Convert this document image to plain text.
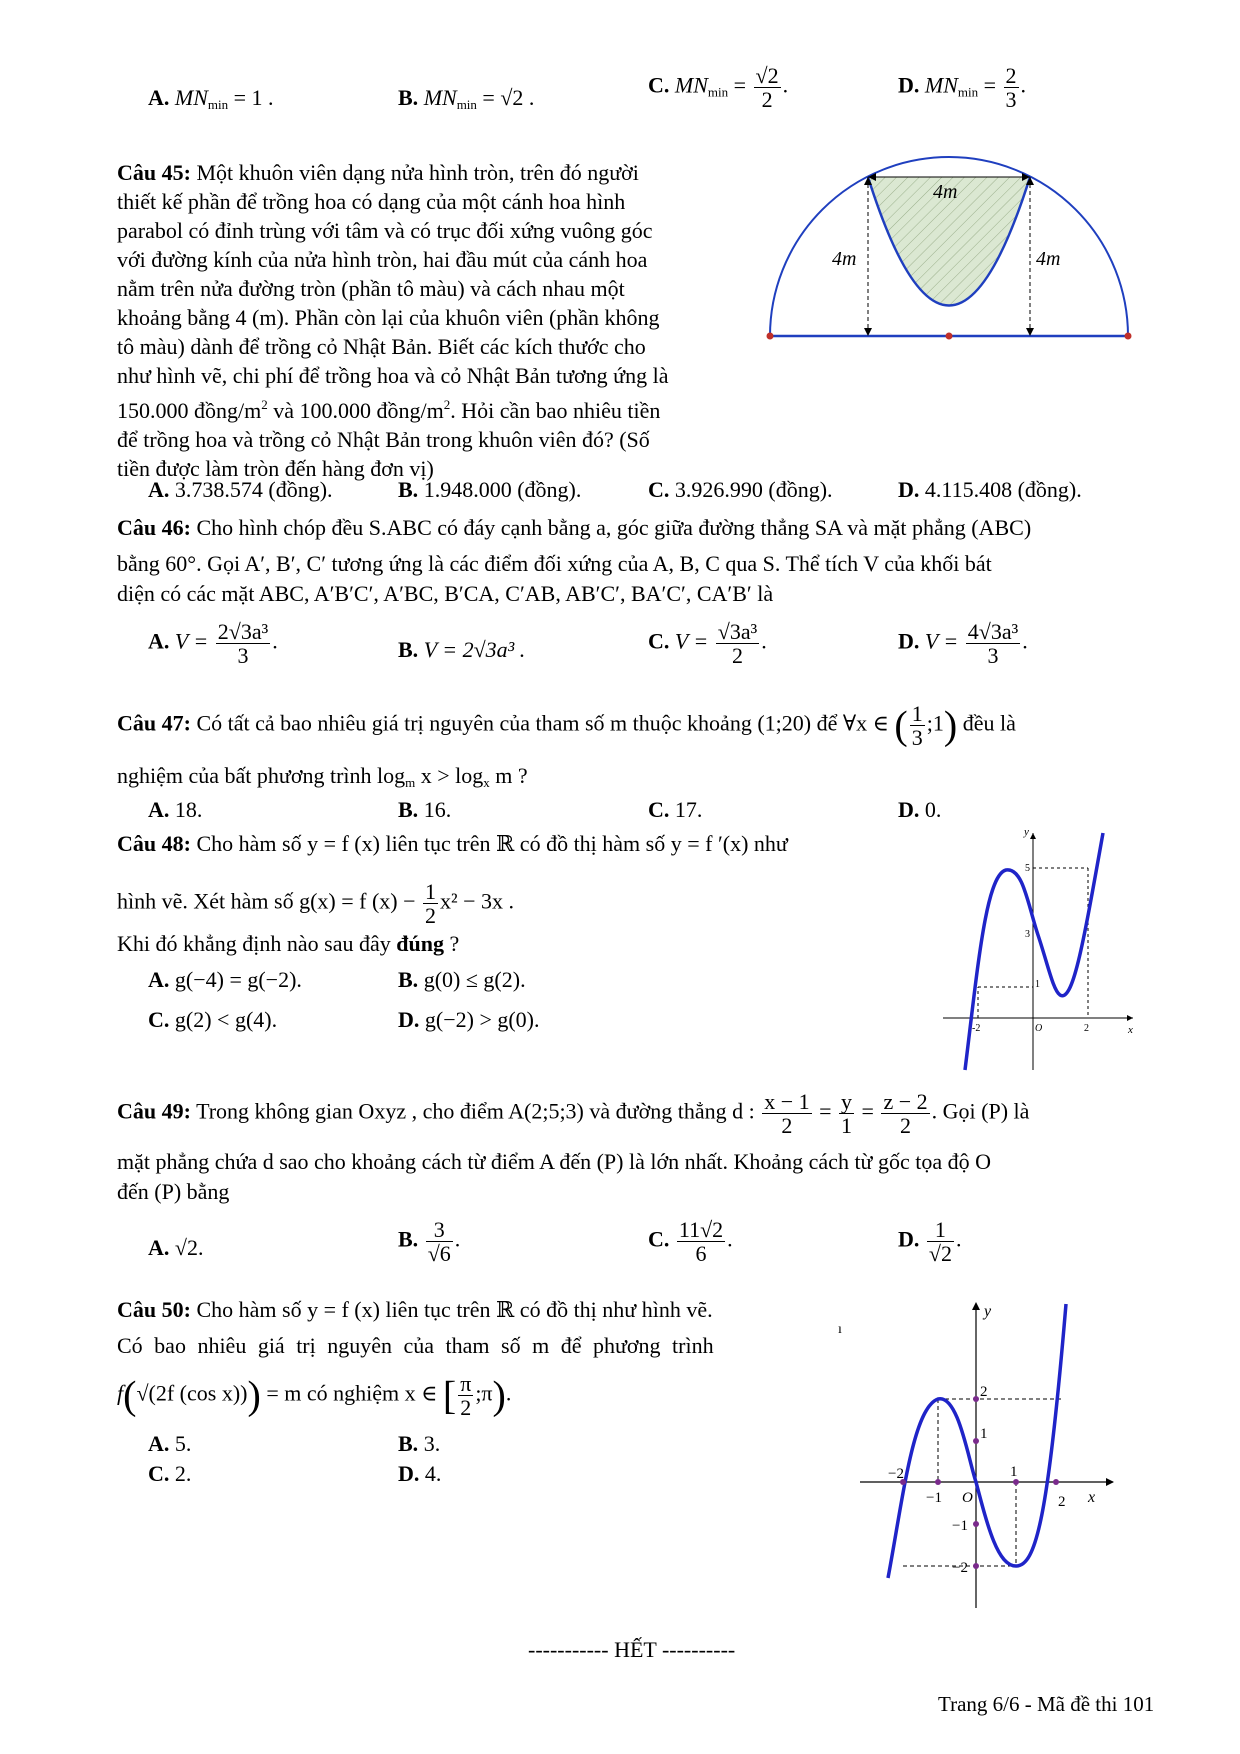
A. $MN_{min} = 1$ .	B. $MN_{min} = √2$ .	C. $MN_{min} = \frac{√2}{2}$ .	D. $MN_{min} = \frac{2}{3}$ .
Câu 45: Một khuôn viên dạng nửa hình tròn, trên đó người
thiết kế phần để trồng hoa có dạng của một cánh hoa hình
parabol có đỉnh trùng với tâm và có trục đối xứng vuông góc
với đường kính của nửa hình tròn, hai đầu mút của cánh hoa
nằm trên nửa đường tròn (phần tô màu) và cách nhau một
khoảng bằng 4 (m). Phần còn lại của khuôn viên (phần không
tô màu) dành để trồng cỏ Nhật Bản. Biết các kích thước cho
như hình vẽ, chi phí để trồng hoa và cỏ Nhật Bản tương ứng là
150.000 đồng/$m^2$ và 100.000 đồng/$m^2$. Hỏi cần bao nhiêu tiền
để trồng hoa và trồng cỏ Nhật Bản trong khuôn viên đó? (Số
tiền được làm tròn đến hàng đơn vị)
4m
4m	4m
A. 3.738.574 (đồng).	B. 1.948.000 (đồng).	C. 3.926.990 (đồng).	D. 4.115.408 (đồng).
Câu 46: Cho hình chóp đều S.ABC có đáy cạnh bằng a, góc giữa đường thẳng SA và mặt phẳng (ABC)
bằng 60°. Gọi A′, B′, C′ tương ứng là các điểm đối xứng của A, B, C qua S. Thể tích V của khối bát
diện có các mặt ABC, A′B′C′, A′BC, B′CA, C′AB, AB′C′, BA′C′, CA′B′ là
A. $V = \frac{\text{2√3a³}}{3}$ .	B. V = 2√3a³ .	C. $V = \frac{\text{√3a³}}{2}$ .	D. $V = \frac{\text{4√3a³}}{3}$ .
Câu 47: Có tất cả bao nhiêu giá trị nguyên của tham số m thuộc khoảng (1;20) để ∀x ∈ ( $\frac{1}{3}$ ;1) đều là
nghiệm của bất phương trình $\log_m x > \log_x m$ ?
A. 18.	B. 16.	C. 17.	D. 0.
Câu 48: Cho hàm số y = f (x) liên tục trên ℝ có đồ thị hàm số y = f ′(x) như
hình vẽ. Xét hàm số g(x) = f $(x) - \frac{1}{2} x^2 - 3x$ .
Khi đó khẳng định nào sau đây đúng ?
A. g(−4) = g(−2).	B. g(0) ≤ g(2).
C. g(2) < g(4).	D. g(−2) > g(0).
y
x
5
3
1
-2	O	2
Câu 49: Trong không gian Oxyz , cho điểm A(2;5;3) và đường thẳng d : $\frac{x - 1}{2} = \frac{y}{1} = \frac{z - 2}{2}$ . Gọi (P) là
mặt phẳng chứa d sao cho khoảng cách từ điểm A đến (P) là lớn nhất. Khoảng cách từ gốc tọa độ O
đến (P) bằng
A. √2.	B. $\frac{3}{√6}$ .	C. $\frac{11√2}{6}$ .	D. $\frac{1}{√2}$ .
Câu 50: Cho hàm số y = f (x) liên tục trên ℝ có đồ thị như hình vẽ.
Có bao nhiêu giá trị nguyên của tham số m để phương trình
f(√(2f (cos x))) = m có nghiệm x ∈ [ $\frac{\pi}{2}$ ;π).
A. 5.	B. 3.
C. 2.	D. 4.
ı
y
2
1
−1
−2
−2
−1 O
1
2 x
----------- HẾT ----------
Trang 6/6 - Mã đề thi 101
